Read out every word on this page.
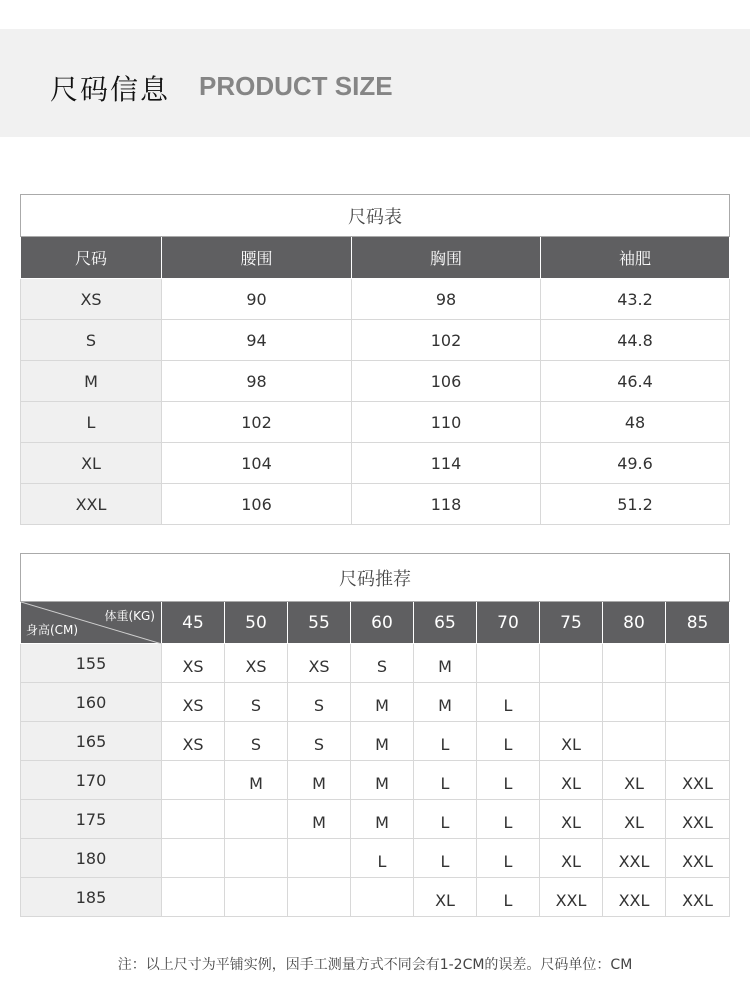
尺码信息 PRODUCT SIZE
尺码表			
尺码	腰围	胸围	袖肥
XS	90	98	43.2
S	94	102	44.8
M	98	106	46.4
L	102	110	48
XL	104	114	49.6
XXL	106	118	51.2
尺码推荐									

体重(KG)
身高(CM)	45	50	55	60	65	70	75	80	85
155	XS	XS	XS	S	M				
160	XS	S	S	M	M	L			
165	XS	S	S	M	L	L	XL		
170		M	M	M	L	L	XL	XL	XXL
175			M	M	L	L	XL	XL	XXL
180				L	L	L	XL	XXL	XXL
185					XL	L	XXL	XXL	XXL
注：以上尺寸为平铺实例，因手工测量方式不同会有1-2CM的误差。尺码单位：CM
